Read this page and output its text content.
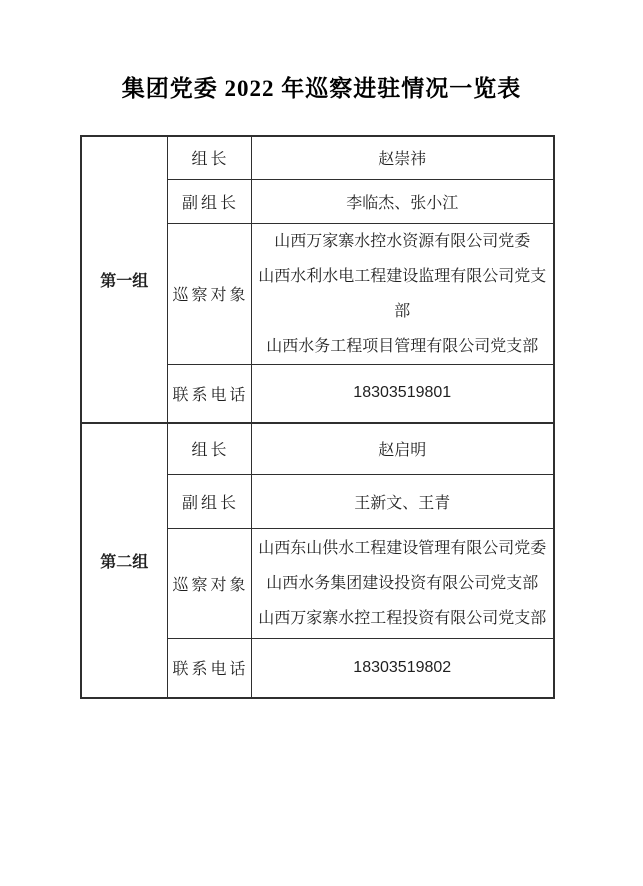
集团党委 2022 年巡察进驻情况一览表
第一组	组长	赵崇祎
	副组长	李临杰、张小江
	巡察对象	山西万家寨水控水资源有限公司党委
山西水利水电工程建设监理有限公司党支部
山西水务工程项目管理有限公司党支部

	联系电话	18303519801
第二组	组长	赵启明
	副组长	王新文、王青
	巡察对象	山西东山供水工程建设管理有限公司党委
山西水务集团建设投资有限公司党支部
山西万家寨水控工程投资有限公司党支部

	联系电话	18303519802
